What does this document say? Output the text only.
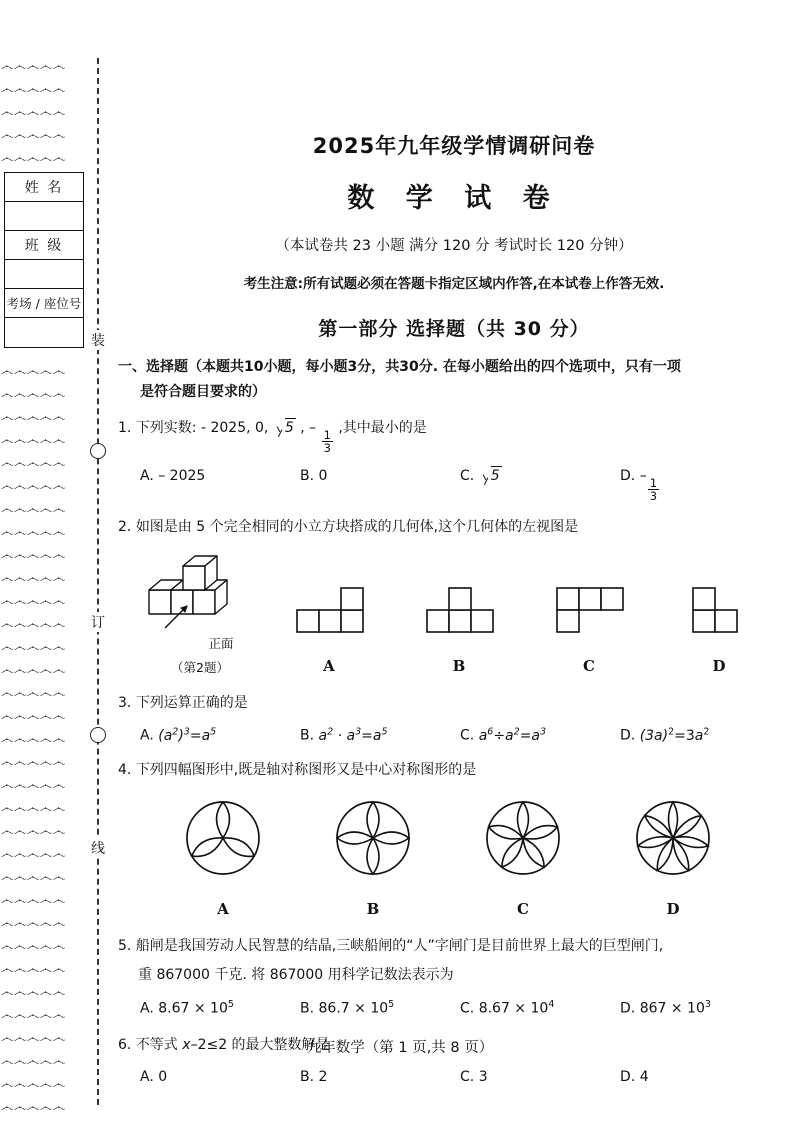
෴෴෴෴෴
෴෴෴෴෴
෴෴෴෴෴
෴෴෴෴෴
෴෴෴෴෴
姓 名
班 级
考场 / 座位号
෴෴෴෴෴
෴෴෴෴෴
෴෴෴෴෴
෴෴෴෴෴
෴෴෴෴෴
෴෴෴෴෴
෴෴෴෴෴
෴෴෴෴෴
෴෴෴෴෴
෴෴෴෴෴
෴෴෴෴෴
෴෴෴෴෴
෴෴෴෴෴
෴෴෴෴෴
෴෴෴෴෴
෴෴෴෴෴
෴෴෴෴෴
෴෴෴෴෴
෴෴෴෴෴
෴෴෴෴෴
෴෴෴෴෴
෴෴෴෴෴
෴෴෴෴෴
෴෴෴෴෴
෴෴෴෴෴
෴෴෴෴෴
෴෴෴෴෴
෴෴෴෴෴
෴෴෴෴෴
෴෴෴෴෴
෴෴෴෴෴
෴෴෴෴෴
෴෴෴෴෴
装
订
线
2025年九年级学情调研问卷
数 学 试 卷
（本试卷共 23 小题 满分 120 分 考试时长 120 分钟）
考生注意:所有试题必须在答题卡指定区域内作答,在本试卷上作答无效.
第一部分 选择题（共 30 分）
一、选择题（本题共10小题，每小题3分，共30分. 在每小题给出的四个选项中，只有一项
是符合题目要求的）
1. 下列实数: - 2025, 0,
5 , –
$\frac{1}{3}$
,其中最小的是
A. – 2025	B. 0	C. 5	D. –
$\frac{1}{3}$
2. 如图是由 5 个完全相同的小立方块搭成的几何体,这个几何体的左视图是
正面
（第2题）	A	B	C	D
3. 下列运算正确的是
A. $(a^2)^3=a^5$	B. $a^2 \cdot a^3=a^5$	C. $a^6\div a^2=a^3$	D. $(3a)^2=3a^2$
4. 下列四幅图形中,既是轴对称图形又是中心对称图形的是
A	B	C	D
5. 船闸是我国劳动人民智慧的结晶,三峡船闸的“人”字闸门是目前世界上最大的巨型闸门,
重 867000 千克. 将 867000 用科学记数法表示为
A. $8.67 \times 10^5$	B. $86.7 \times 10^5$	C. $8.67 \times 10^4$	D. $867 \times 10^3$
6. 不等式 x–2≤2 的最大整数解是
A. 0	B. 2	C. 3	D. 4
九年数学（第 1 页,共 8 页）
